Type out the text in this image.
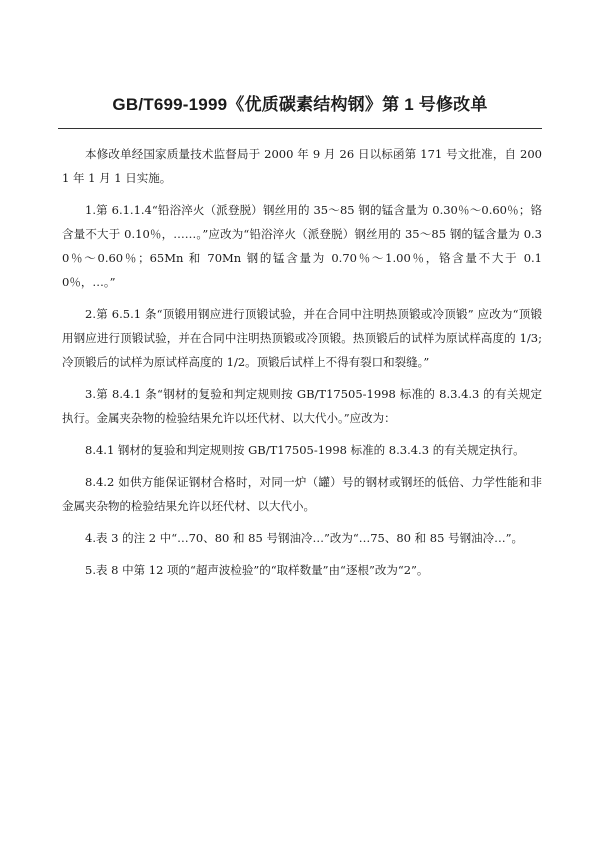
GB/T699-1999《优质碳素结构钢》第 1 号修改单

本修改单经国家质量技术监督局于 2000 年 9 月 26 日以标函第 171 号文批准，自 2001 年 1 月 1 日实施。

1.第 6.1.1.4“铅浴淬火（派登脱）钢丝用的 35～85 钢的锰含量为 0.30％～0.60％；铬含量不大于 0.10％，……。”应改为“铅浴淬火（派登脱）钢丝用的 35～85 钢的锰含量为 0.30％～0.60％；65Mn 和 70Mn 钢的锰含量为 0.70％～1.00％，铬含量不大于 0.10％，…。”

2.第 6.5.1 条“顶锻用钢应进行顶锻试验，并在合同中注明热顶锻或冷顶锻” 应改为“顶锻用钢应进行顶锻试验，并在合同中注明热顶锻或冷顶锻。热顶锻后的试样为原试样高度的 1/3;冷顶锻后的试样为原试样高度的 1/2。顶锻后试样上不得有裂口和裂缝。”

3.第 8.4.1 条“钢材的复验和判定规则按 GB/T17505-1998 标准的 8.3.4.3 的有关规定执行。金属夹杂物的检验结果允许以坯代材、以大代小。”应改为：

8.4.1 钢材的复验和判定规则按 GB/T17505-1998 标准的 8.3.4.3 的有关规定执行。

8.4.2 如供方能保证钢材合格时，对同一炉（罐）号的钢材或钢坯的低倍、力学性能和非金属夹杂物的检验结果允许以坯代材、以大代小。

4.表 3 的注 2 中“…70、80 和 85 号钢油冷…”改为“…75、80 和 85 号钢油冷…”。

5.表 8 中第 12 项的“超声波检验”的“取样数量”由“逐根”改为“2”。
